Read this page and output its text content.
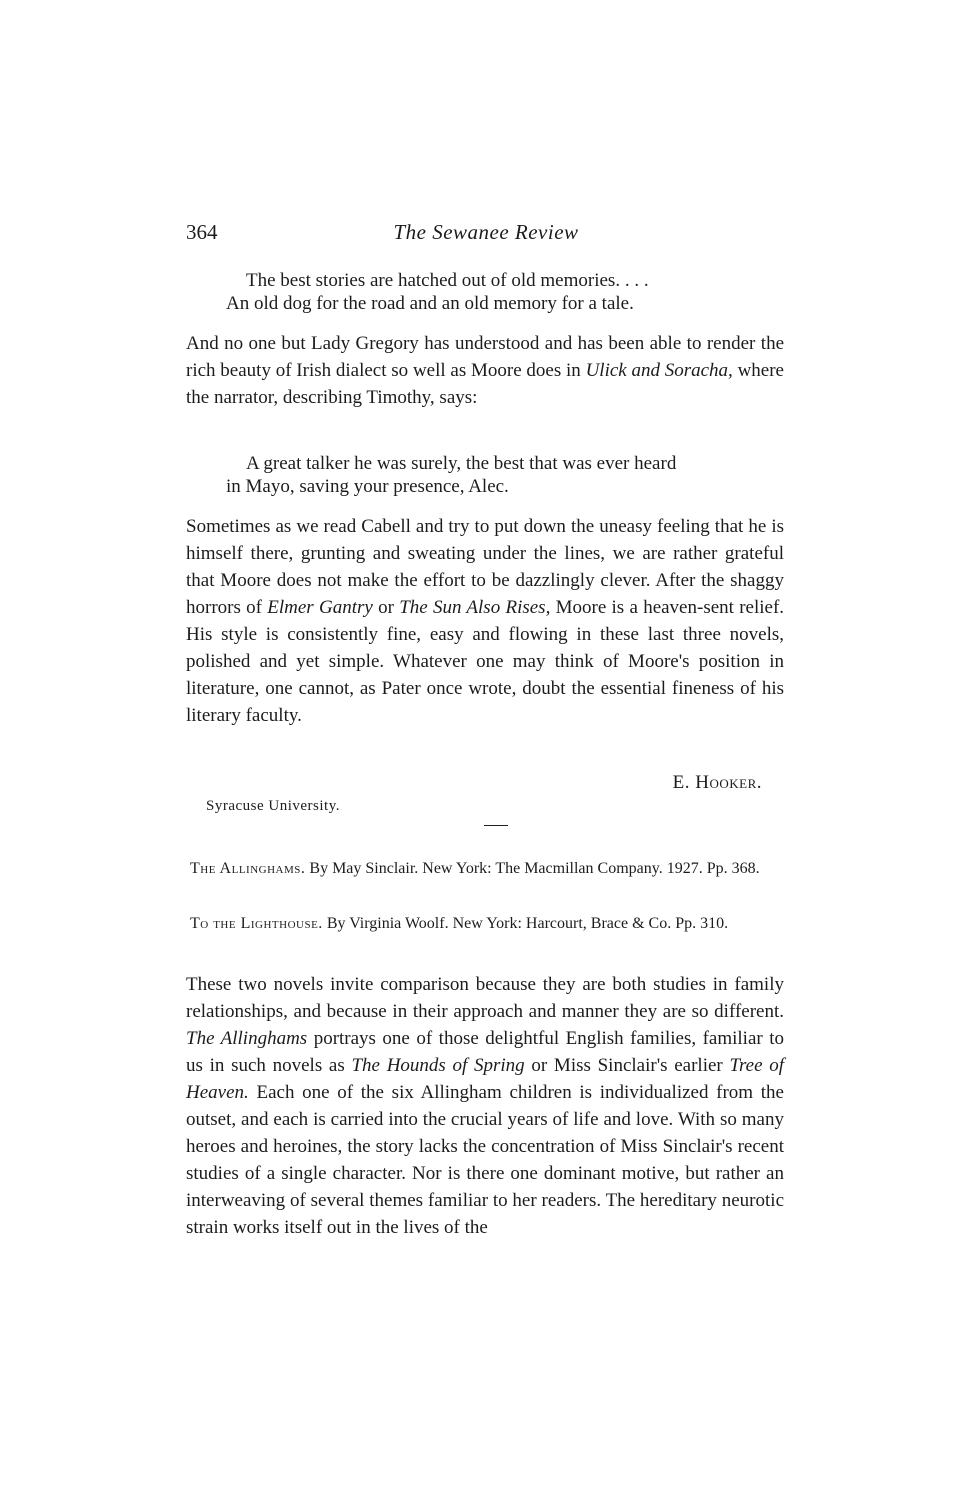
364	The Sewanee Review
The best stories are hatched out of old memories. . . .
An old dog for the road and an old memory for a tale.

And no one but Lady Gregory has understood and has been able to render the rich beauty of Irish dialect so well as Moore does in Ulick and Soracha, where the narrator, describing Timothy, says:

A great talker he was surely, the best that was ever heard
in Mayo, saving your presence, Alec.

Sometimes as we read Cabell and try to put down the uneasy feeling that he is himself there, grunting and sweating under the lines, we are rather grateful that Moore does not make the effort to be dazzlingly clever. After the shaggy horrors of Elmer Gantry or The Sun Also Rises, Moore is a heaven-sent relief. His style is consistently fine, easy and flowing in these last three novels, polished and yet simple. Whatever one may think of Moore's position in literature, one cannot, as Pater once wrote, doubt the essential fineness of his literary faculty.

E. Hooker.
Syracuse University.
The Allinghams. By May Sinclair. New York: The Macmillan Company. 1927. Pp. 368.
To the Lighthouse. By Virginia Woolf. New York: Harcourt, Brace & Co. Pp. 310.

These two novels invite comparison because they are both studies in family relationships, and because in their approach and manner they are so different. The Allinghams portrays one of those delightful English families, familiar to us in such novels as The Hounds of Spring or Miss Sinclair's earlier Tree of Heaven. Each one of the six Allingham children is individualized from the outset, and each is carried into the crucial years of life and love. With so many heroes and heroines, the story lacks the concentration of Miss Sinclair's recent studies of a single character. Nor is there one dominant motive, but rather an interweaving of several themes familiar to her readers. The hereditary neurotic strain works itself out in the lives of the
